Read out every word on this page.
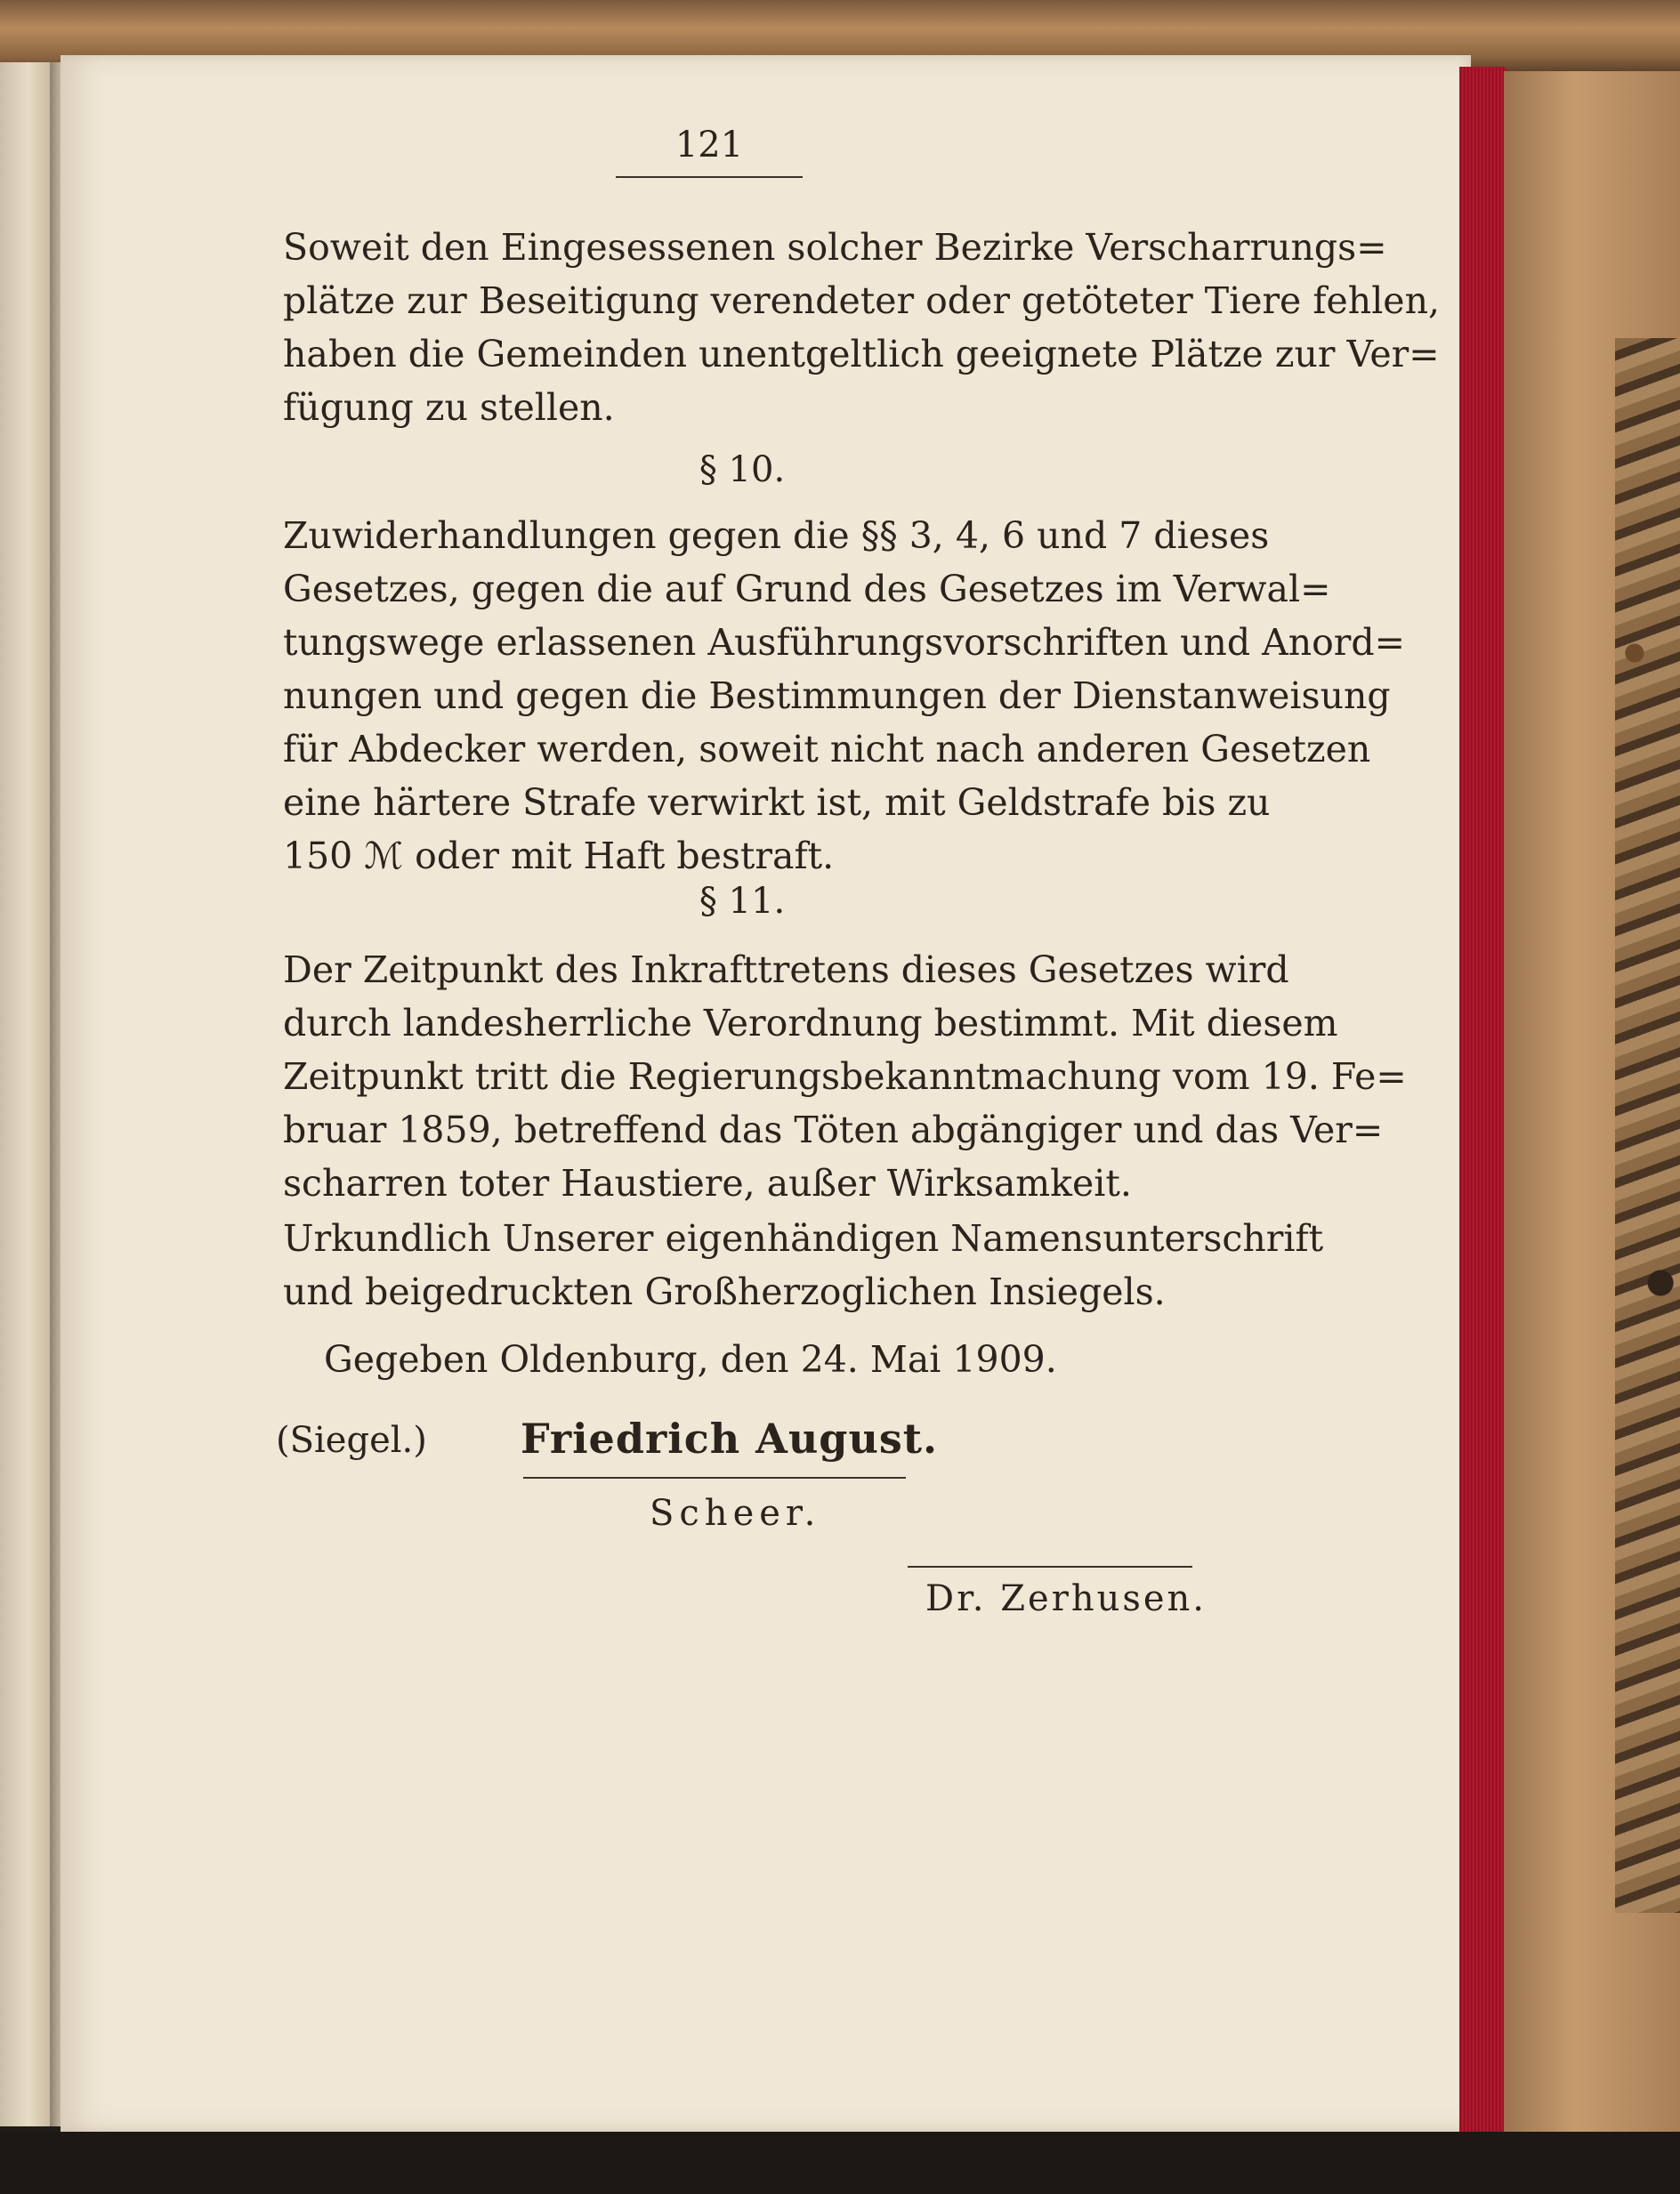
121
Soweit den Eingesessenen solcher Bezirke Verscharrungs=
plätze zur Beseitigung verendeter oder getöteter Tiere fehlen,
haben die Gemeinden unentgeltlich geeignete Plätze zur Ver=
fügung zu stellen.
§ 10.
Zuwiderhandlungen gegen die §§ 3, 4, 6 und 7 dieses
Gesetzes, gegen die auf Grund des Gesetzes im Verwal=
tungswege erlassenen Ausführungsvorschriften und Anord=
nungen und gegen die Bestimmungen der Dienstanweisung
für Abdecker werden, soweit nicht nach anderen Gesetzen
eine härtere Strafe verwirkt ist, mit Geldstrafe bis zu
150 ℳ oder mit Haft bestraft.
§ 11.
Der Zeitpunkt des Inkrafttretens dieses Gesetzes wird
durch landesherrliche Verordnung bestimmt. Mit diesem
Zeitpunkt tritt die Regierungsbekanntmachung vom 19. Fe=
bruar 1859, betreffend das Töten abgängiger und das Ver=
scharren toter Haustiere, außer Wirksamkeit.
Urkundlich Unserer eigenhändigen Namensunterschrift
und beigedruckten Großherzoglichen Insiegels.
Gegeben Oldenburg, den 24. Mai 1909.
(Siegel.) Friedrich August.
Scheer.
Dr. Zerhusen.
